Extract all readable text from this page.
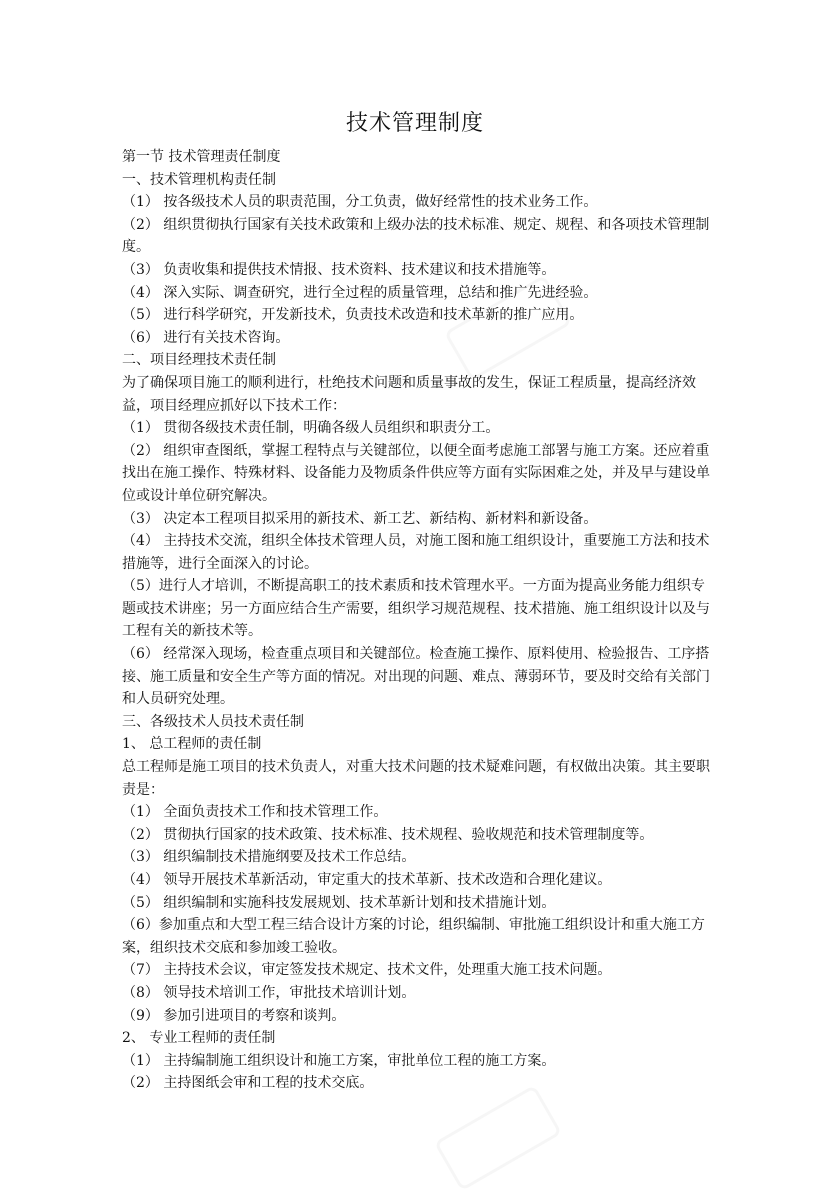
技术管理制度

第一节 技术管理责任制度

一、技术管理机构责任制

（1） 按各级技术人员的职责范围，分工负责，做好经常性的技术业务工作。

（2） 组织贯彻执行国家有关技术政策和上级办法的技术标准、规定、规程、和各项技术管理制度。

（3） 负责收集和提供技术情报、技术资料、技术建议和技术措施等。

（4） 深入实际、调查研究，进行全过程的质量管理，总结和推广先进经验。

（5） 进行科学研究，开发新技术，负责技术改造和技术革新的推广应用。

（6） 进行有关技术咨询。

二、项目经理技术责任制

为了确保项目施工的顺利进行，杜绝技术问题和质量事故的发生，保证工程质量，提高经济效益，项目经理应抓好以下技术工作：

（1） 贯彻各级技术责任制，明确各级人员组织和职责分工。

（2） 组织审查图纸，掌握工程特点与关键部位，以便全面考虑施工部署与施工方案。还应着重找出在施工操作、特殊材料、设备能力及物质条件供应等方面有实际困难之处，并及早与建设单位或设计单位研究解决。

（3） 决定本工程项目拟采用的新技术、新工艺、新结构、新材料和新设备。

（4） 主持技术交流，组织全体技术管理人员，对施工图和施工组织设计，重要施工方法和技术措施等，进行全面深入的讨论。

（5）进行人才培训，不断提高职工的技术素质和技术管理水平。一方面为提高业务能力组织专题或技术讲座；另一方面应结合生产需要，组织学习规范规程、技术措施、施工组织设计以及与工程有关的新技术等。

（6） 经常深入现场，检查重点项目和关键部位。检查施工操作、原料使用、检验报告、工序搭接、施工质量和安全生产等方面的情况。对出现的问题、难点、薄弱环节，要及时交给有关部门和人员研究处理。

三、各级技术人员技术责任制

1、 总工程师的责任制

总工程师是施工项目的技术负责人，对重大技术问题的技术疑难问题，有权做出决策。其主要职责是：

（1） 全面负责技术工作和技术管理工作。

（2） 贯彻执行国家的技术政策、技术标准、技术规程、验收规范和技术管理制度等。

（3） 组织编制技术措施纲要及技术工作总结。

（4） 领导开展技术革新活动，审定重大的技术革新、技术改造和合理化建议。

（5） 组织编制和实施科技发展规划、技术革新计划和技术措施计划。

（6）参加重点和大型工程三结合设计方案的讨论，组织编制、审批施工组织设计和重大施工方案，组织技术交底和参加竣工验收。

（7） 主持技术会议，审定签发技术规定、技术文件，处理重大施工技术问题。

（8） 领导技术培训工作，审批技术培训计划。

（9） 参加引进项目的考察和谈判。

2、 专业工程师的责任制

（1） 主持编制施工组织设计和施工方案，审批单位工程的施工方案。

（2） 主持图纸会审和工程的技术交底。
